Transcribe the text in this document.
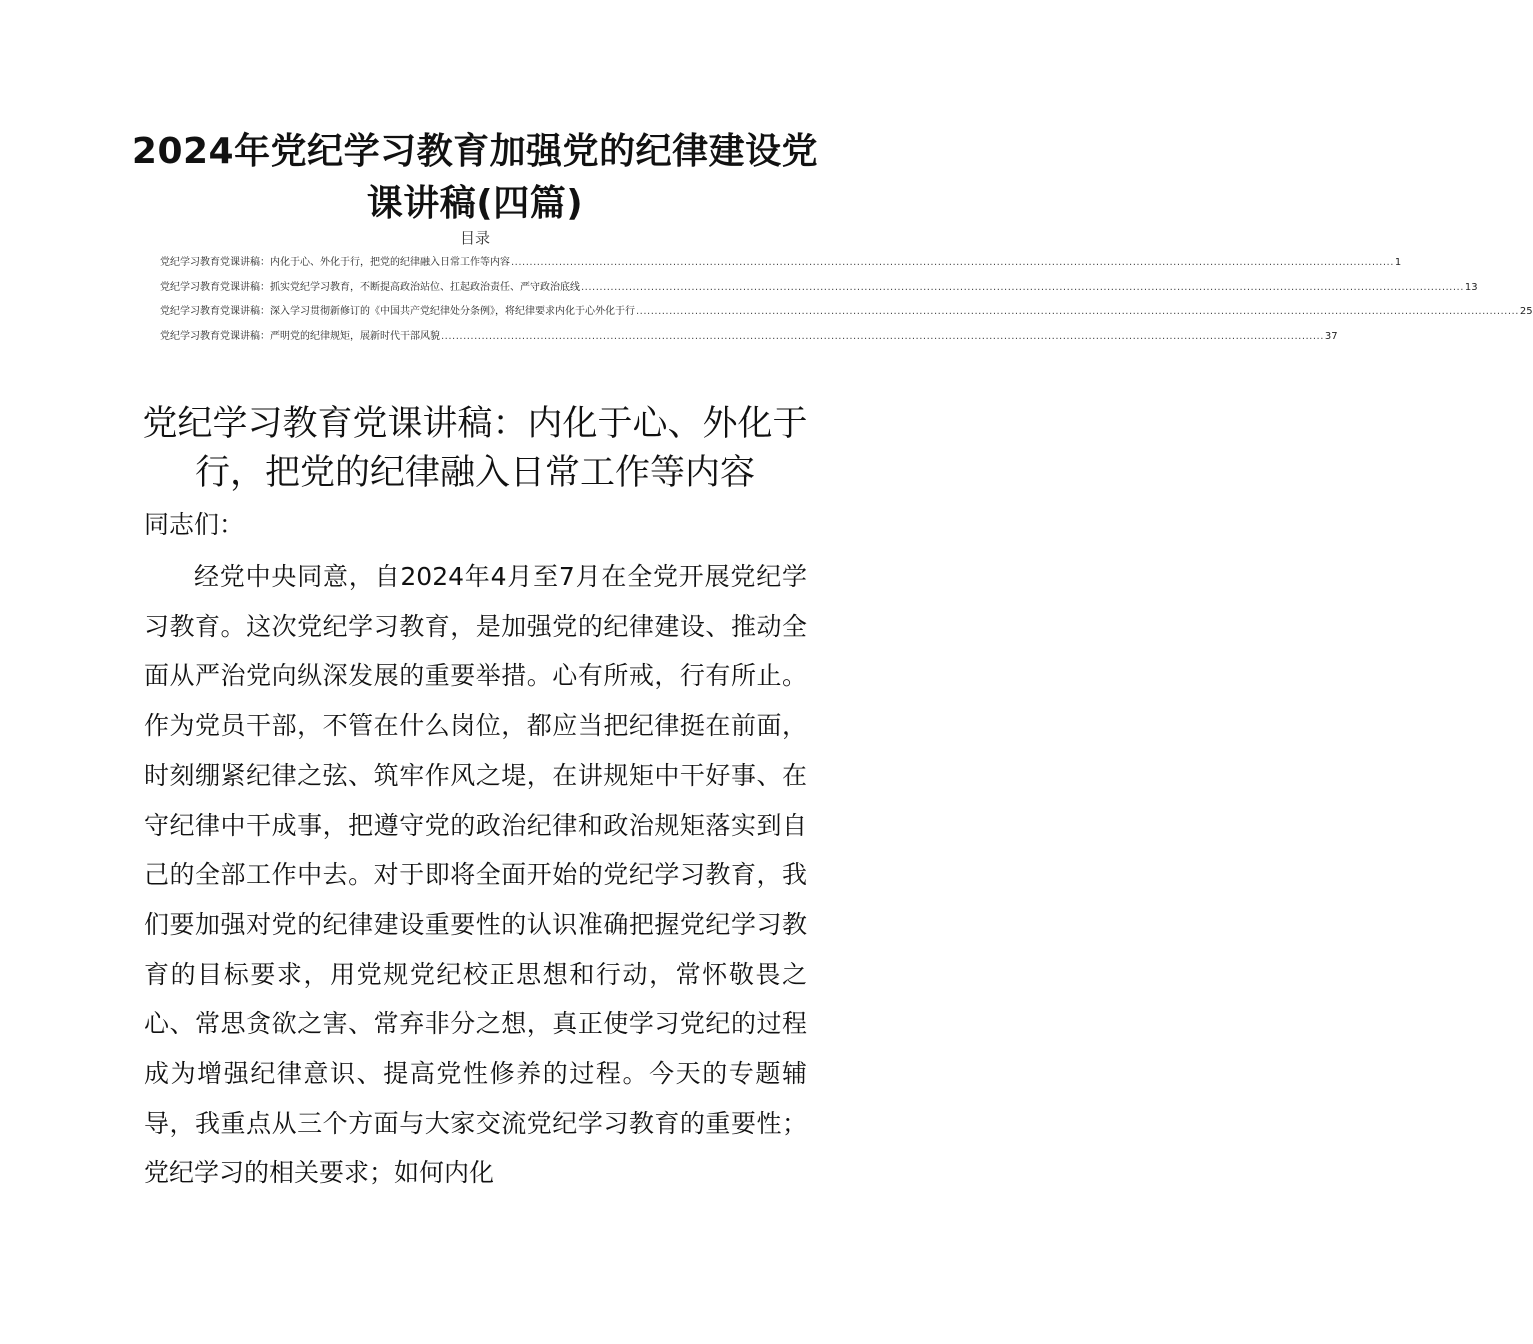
2024年党纪学习教育加强党的纪律建设党课讲稿(四篇)
目录
党纪学习教育党课讲稿：内化于心、外化于行，把党的纪律融入日常工作等内容 .....	1
党纪学习教育党课讲稿：抓实党纪学习教育，不断提高政治站位、扛起政治责任、严守政治底线 .....	13
党纪学习教育党课讲稿：深入学习贯彻新修订的《中国共产党纪律处分条例》，将纪律要求内化于心外化于行 .....	25
党纪学习教育党课讲稿：严明党的纪律规矩，展新时代干部风貌 .....	37
党纪学习教育党课讲稿：内化于心、外化于行，把党的纪律融入日常工作等内容

同志们：

经党中央同意，自2024年4月至7月在全党开展党纪学习教育。这次党纪学习教育，是加强党的纪律建设、推动全面从严治党向纵深发展的重要举措。心有所戒，行有所止。作为党员干部，不管在什么岗位，都应当把纪律挺在前面，时刻绷紧纪律之弦、筑牢作风之堤，在讲规矩中干好事、在守纪律中干成事，把遵守党的政治纪律和政治规矩落实到自己的全部工作中去。对于即将全面开始的党纪学习教育，我们要加强对党的纪律建设重要性的认识准确把握党纪学习教育的目标要求，用党规党纪校正思想和行动，常怀敬畏之心、常思贪欲之害、常弃非分之想，真正使学习党纪的过程成为增强纪律意识、提高党性修养的过程。今天的专题辅导，我重点从三个方面与大家交流党纪学习教育的重要性；党纪学习的相关要求；如何内化
